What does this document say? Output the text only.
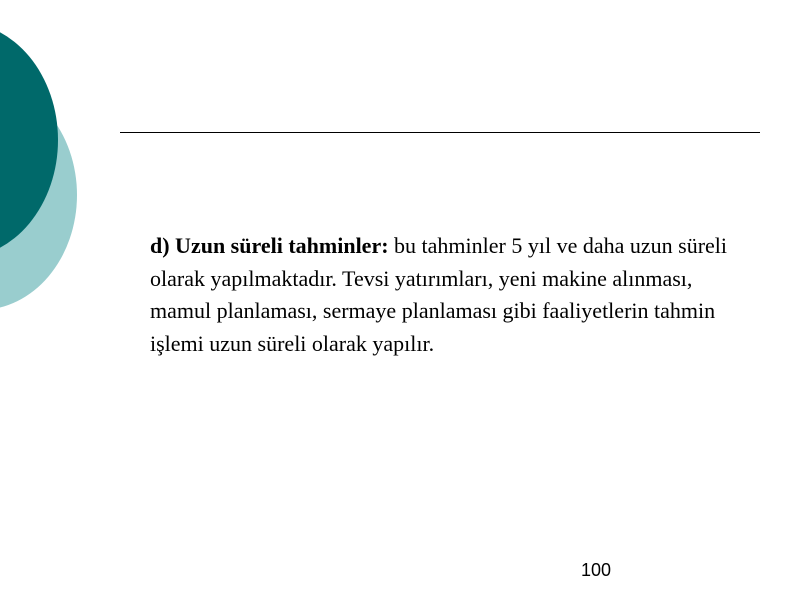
d) Uzun süreli tahminler: bu tahminler 5 yıl ve daha uzun süreli olarak yapılmaktadır. Tevsi yatırımları, yeni makine alınması, mamul planlaması, sermaye planlaması gibi faaliyetlerin tahmin işlemi uzun süreli olarak yapılır.
100
